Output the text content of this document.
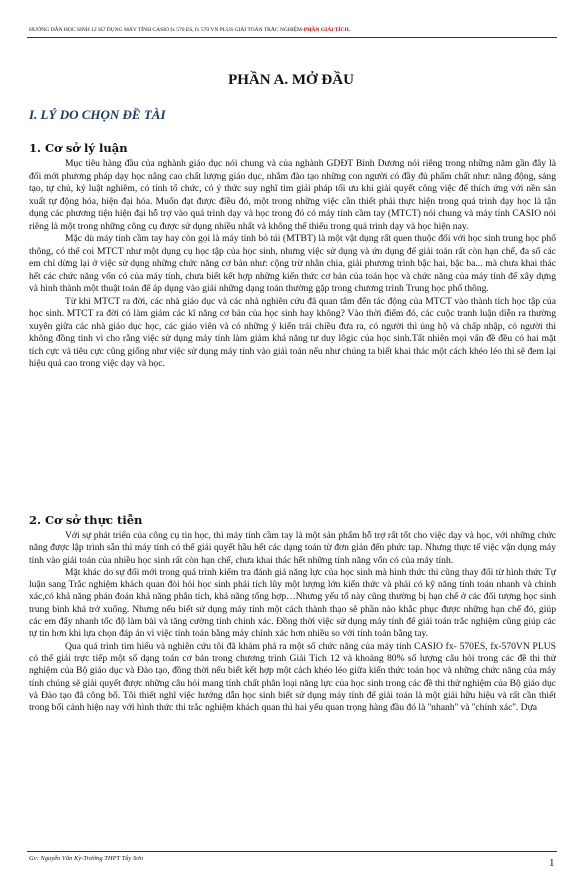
HƯỚNG DẪN HỌC SINH 12 SỬ DỤNG MÁY TÍNH CASIO fx 570 ES, fx 570 VN PLUS GIẢI TOÁN TRẮC NGHIỆM-PHẦN GIẢI TÍCH.
PHẦN A. MỞ ĐẦU
I. LÝ DO CHỌN ĐỀ TÀI
1. Cơ sở lý luận

Mục tiêu hàng đầu của nghành giáo dục nói chung và của nghành GDĐT Bình Dương nói riêng trong những năm gần đây là đổi mới phương pháp dạy học nâng cao chất lượng giáo dục, nhằm đào tạo những con người có đầy đủ phẩm chất như: năng động, sáng tạo, tự chủ, kỷ luật nghiêm, có tính tổ chức, có ý thức suy nghĩ tìm giải pháp tối ưu khi giải quyết công việc để thích ứng với nền sản xuất tự động hóa, hiện đại hóa. Muốn đạt được điều đó, một trong những việc cần thiết phải thực hiện trong quá trình dạy học là tận dụng các phương tiện hiện đại hỗ trợ vào quá trình dạy và học trong đó có máy tính cầm tay (MTCT) nói chung và máy tính CASIO nói riêng là một trong những công cụ được sử dụng nhiều nhất và không thể thiếu trong quá trình dạy và học hiện nay.

Mặc dù máy tính cầm tay hay còn gọi là máy tính bỏ túi (MTBT) là một vật dụng rất quen thuộc đối với học sinh trung học phổ thông, có thể coi MTCT như một dụng cụ học tập của học sinh, nhưng việc sử dụng và ứn dụng để giải toán rất còn hạn chế, đa số các em chỉ dừng lại ở việc sử dụng những chức năng cơ bản như: cộng trừ nhân chia, giải phương trình bậc hai, bậc ba... mà chưa khai thác hết các chức năng vốn có của máy tính, chưa biết kết hợp những kiến thức cơ bản của toán học và chức năng của máy tính để xây dựng và hình thành một thuật toán để áp dụng vào giải những dạng toán thường gặp trong chương trình Trung học phổ thông.

Từ khi MTCT ra đời, các nhà giáo dục và các nhà nghiên cứu đã quan tâm đến tác động của MTCT vào thành tích học tập của học sinh. MTCT ra đời có làm giảm các kĩ năng cơ bản của học sinh hay không? Vào thời điểm đó, các cuộc tranh luận diễn ra thường xuyên giữa các nhà giáo dục học, các giáo viên và có những ý kiến trái chiều đưa ra, có người thì ủng hộ và chấp nhập, có người thì không đồng tình vì cho rằng việc sử dụng máy tính làm giảm khả năng tư duy lôgic của học sinh.Tất nhiên mọi vấn đề đều có hai mặt tích cực và tiêu cực cũng giống như việc sử dụng máy tính vào giải toán nếu như chúng ta biết khai thác một cách khéo léo thì sẽ đem lại hiệu quả cao trong việc dạy và học.

2. Cơ sở thực tiễn

Với sự phát triển của công cụ tin học, thì máy tính cầm tay là một sản phẩm hỗ trợ rất tốt cho việc dạy và học, với những chức năng được lập trình sẵn thì máy tính có thể giải quyết hầu hết các dạng toán từ đơn giản đến phức tạp. Nhưng thực tế việc vận dụng máy tính vào giải toán của nhiều học sinh rất còn hạn chế, chưa khai thác hết những tính năng vốn có của máy tính.

Mặt khác do sự đổi mới trong quá trình kiểm tra đánh giá năng lực của học sinh mà hình thức thi cũng thay đổi từ hình thức Tự luận sang Trắc nghiệm khách quan đòi hỏi học sinh phải tích lũy một lượng lớn kiến thức và phải có kỹ năng tính toán nhanh và chính xác,có khả năng phán đoán khả năng phân tích, khả năng tổng hợp…Nhưng yếu tố này cũng thường bị hạn chế ở các đối tượng học sinh trung bình khá trở xuống. Nhưng nếu biết sử dụng máy tính một cách thành thạo sẽ phần nào khắc phục được những hạn chế đó, giúp các em đẩy nhanh tốc độ làm bài và tăng cường tính chính xác. Đồng thời việc sử dụng máy tính để giải toán trắc nghiệm cũng giúp các tự tin hơn khi lựa chọn đáp án vì việc tính toán bằng máy chính xác hơn nhiều so với tính toán bằng tay.

Qua quá trình tìm hiểu và nghiên cứu tôi đã khám phá ra một số chức năng của máy tính CASIO fx- 570ES, fx-570VN PLUS có thể giải trực tiếp một số dạng toán cơ bản trong chương trình Giải Tích 12 và khoảng 80% số lượng câu hỏi trong các đề thi thử nghiệm của Bộ giáo dục và Đào tạo, đồng thời nếu biết kết hợp một cách khéo léo giữa kiến thức toán học và những chức năng của máy tính chúng sẽ giải quyết được những câu hỏi mang tính chất phân loại năng lực của học sinh trong các đề thi thử nghiệm của Bộ giáo dục và Đào tạo đã công bố. Tôi thiết nghĩ việc hướng dẫn học sinh biết sử dụng máy tính để giải toán là một giải hữu hiệu và rất cần thiết trong bối cảnh hiện nay với hình thức thi trắc nghiệm khách quan thì hai yếu quan trọng hàng đầu đó là ''nhanh'' và ''chính xác''. Dựa

Gv: Nguyễn Văn Kỳ-Trường THPT Tây Sơn	1
